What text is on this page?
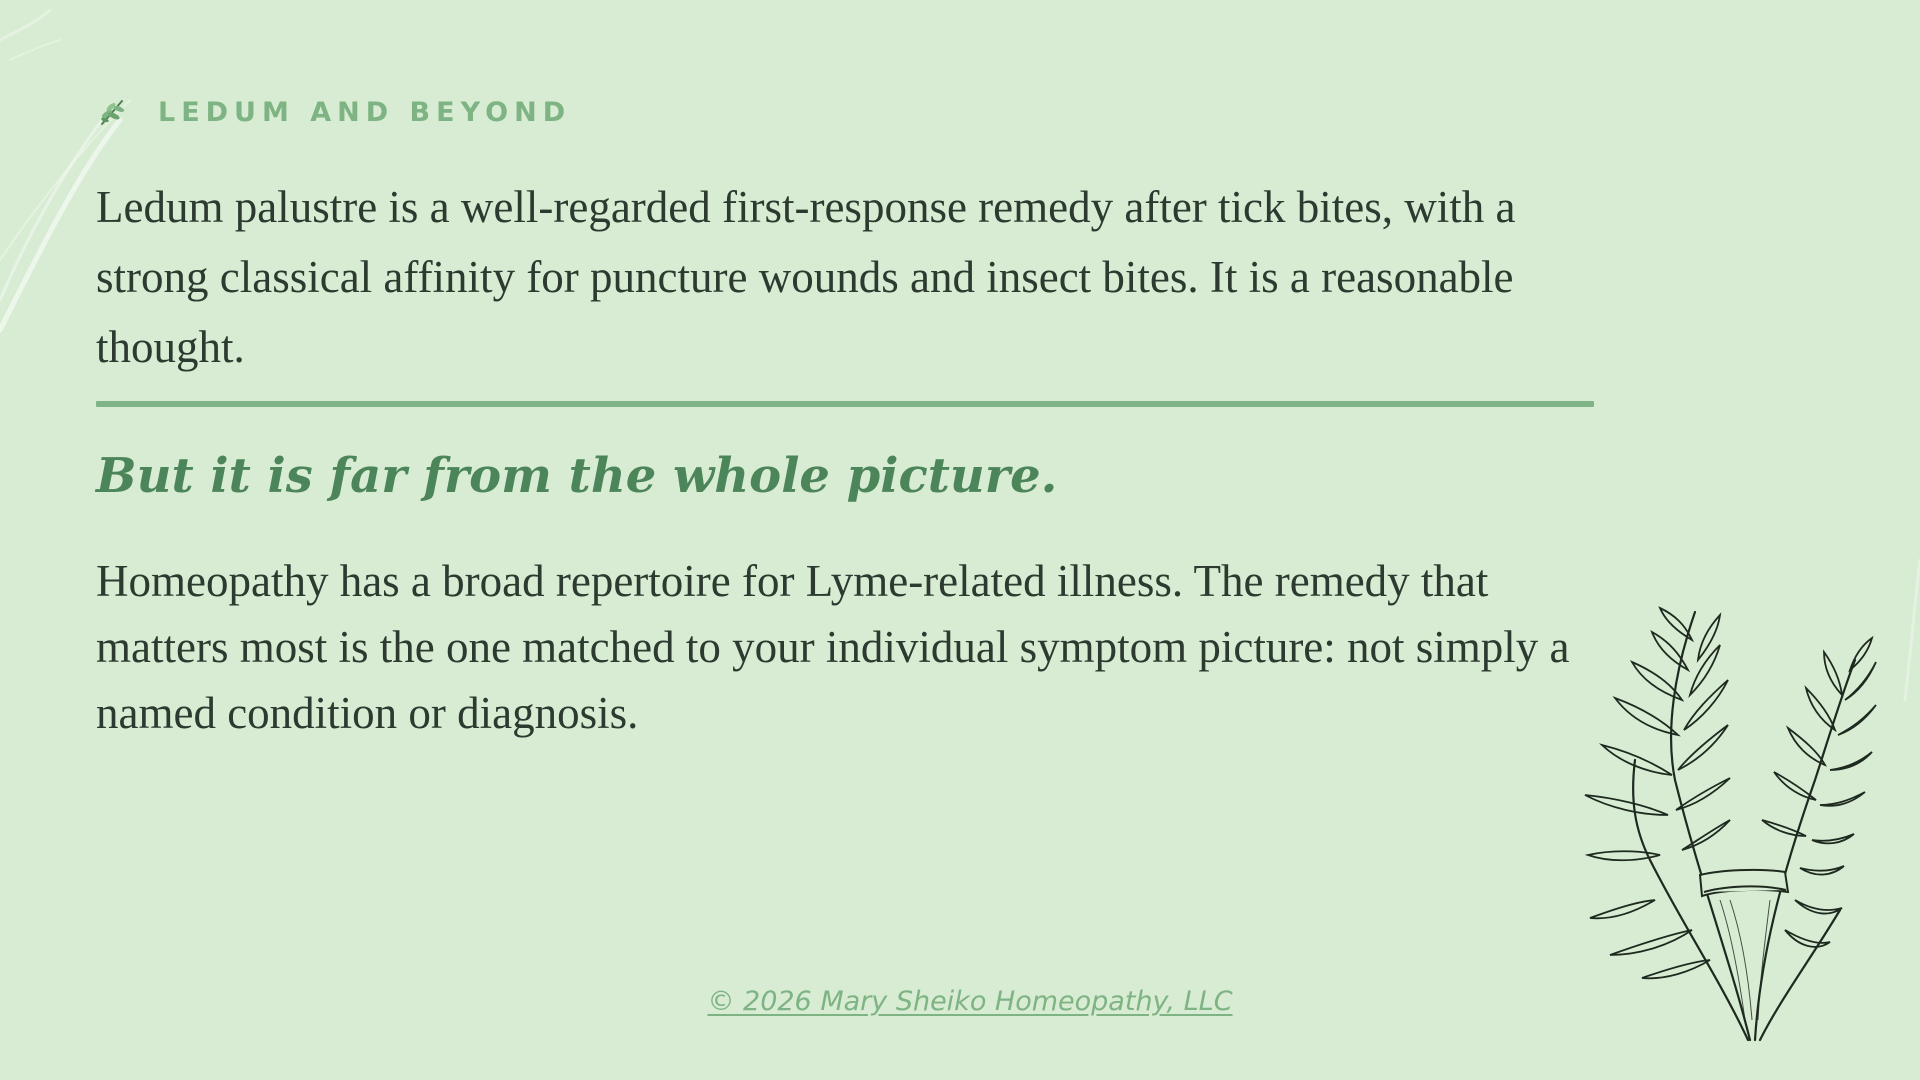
LEDUM AND BEYOND

Ledum palustre is a well-regarded first-response remedy after tick bites, with a strong classical affinity for puncture wounds and insect bites. It is a reasonable thought.

But it is far from the whole picture.

Homeopathy has a broad repertoire for Lyme-related illness. The remedy that matters most is the one matched to your individual symptom picture: not simply a named condition or diagnosis.

© 2026 Mary Sheiko Homeopathy, LLC
